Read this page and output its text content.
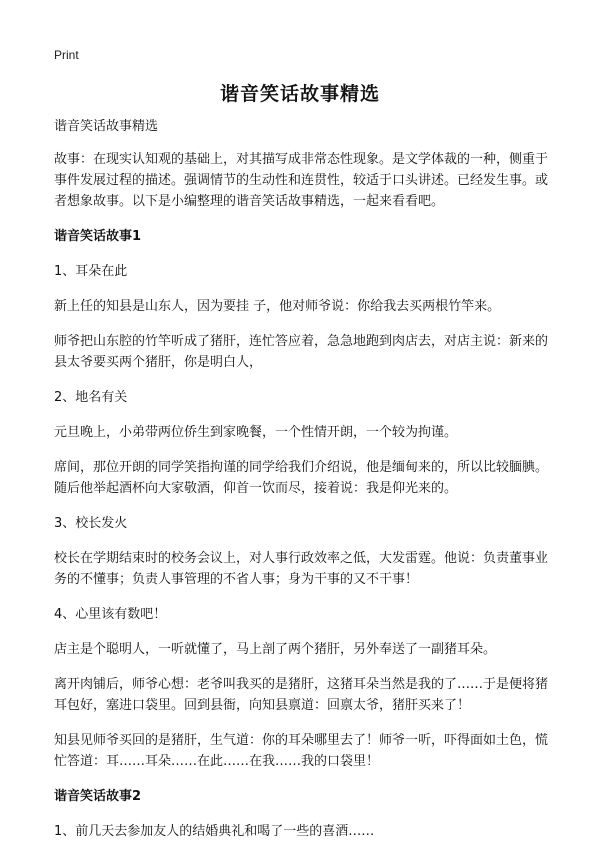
Print
谐音笑话故事精选

谐音笑话故事精选

故事：在现实认知观的基础上，对其描写成非常态性现象。是文学体裁的一种，侧重于事件发展过程的描述。强调情节的生动性和连贯性，较适于口头讲述。已经发生事。或者想象故事。以下是小编整理的谐音笑话故事精选，一起来看看吧。

谐音笑话故事1

1、耳朵在此

新上任的知县是山东人，因为要挂 子，他对师爷说：你给我去买两根竹竿来。

师爷把山东腔的竹竿听成了猪肝，连忙答应着，急急地跑到肉店去，对店主说：新来的县太爷要买两个猪肝，你是明白人，

2、地名有关

元旦晚上，小弟带两位侨生到家晚餐，一个性情开朗，一个较为拘谨。

席间，那位开朗的同学笑指拘谨的同学给我们介绍说，他是缅甸来的，所以比较腼腆。随后他举起酒杯向大家敬酒，仰首一饮而尽，接着说：我是仰光来的。

3、校长发火

校长在学期结束时的校务会议上，对人事行政效率之低，大发雷霆。他说：负责董事业务的不懂事；负责人事管理的不省人事；身为干事的又不干事！

4、心里该有数吧！

店主是个聪明人，一听就懂了，马上剖了两个猪肝，另外奉送了一副猪耳朵。

离开肉铺后，师爷心想：老爷叫我买的是猪肝，这猪耳朵当然是我的了……于是便将猪耳包好，塞进口袋里。回到县衙，向知县禀道：回禀太爷，猪肝买来了！

知县见师爷买回的是猪肝，生气道：你的耳朵哪里去了！师爷一听，吓得面如土色，慌忙答道：耳……耳朵……在此……在我……我的口袋里！

谐音笑话故事2

1、前几天去参加友人的结婚典礼和喝了一些的喜酒……
